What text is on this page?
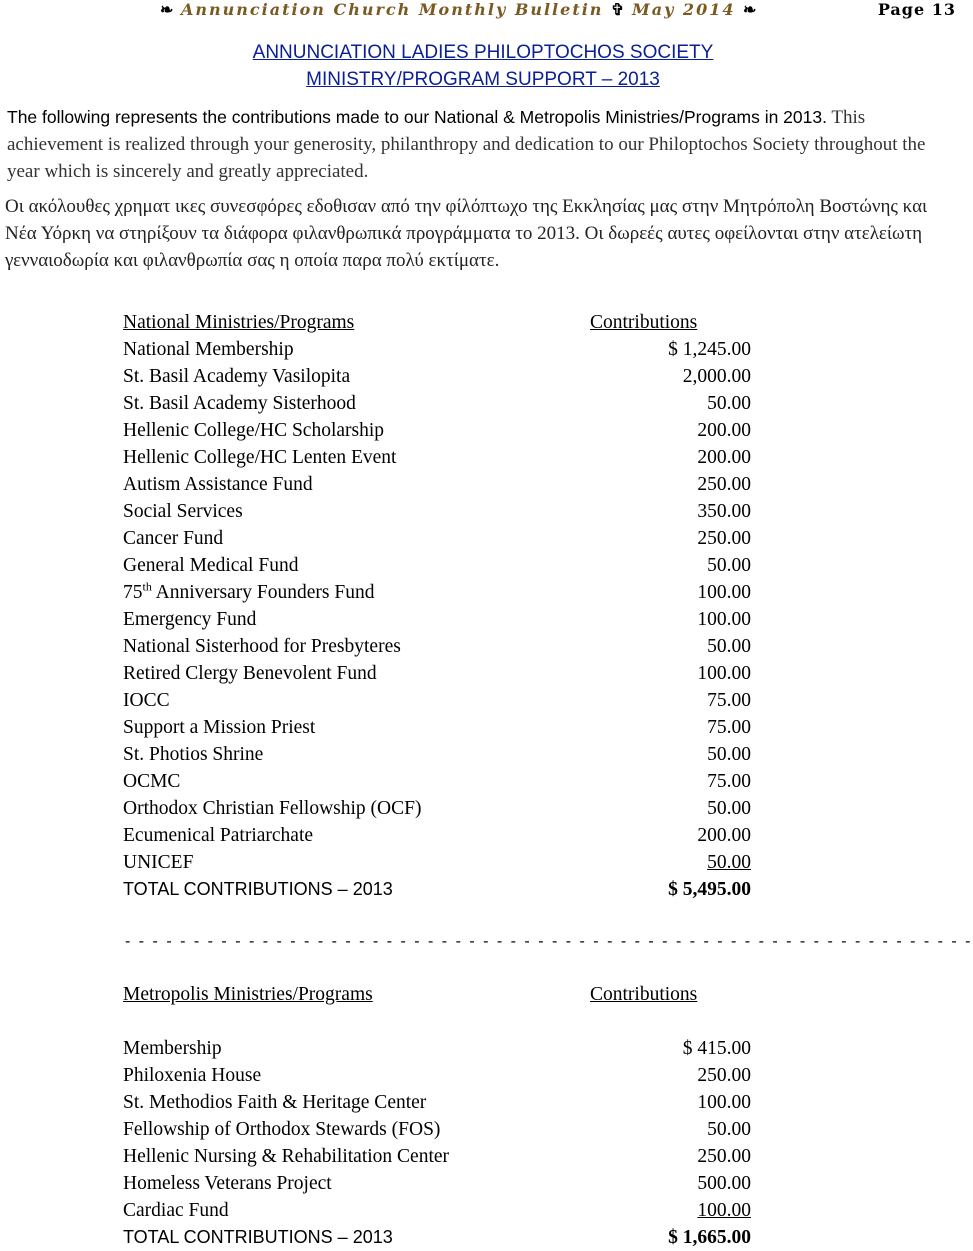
❧ Annunciation Church Monthly Bulletin ✞ May 2014 ❧	Page 13
ANNUNCIATION LADIES PHILOPTOCHOS SOCIETY
MINISTRY/PROGRAM SUPPORT – 2013
The following represents the contributions made to our National & Metropolis Ministries/Programs in 2013. This achievement is realized through your generosity, philanthropy and dedication to our Philoptochos Society throughout the year which is sincerely and greatly appreciated.
Οι ακόλουθες χρηματ ικες συνεσφόρες εδοθισαν από την φίλόπτωχο της Εκκλησίας μας στην Μητρόπολη Βοστώνης και Νέα Υόρκη να στηρίξουν τα διάφορα φιλανθρωπικά προγράμματα το 2013. Οι δωρεές αυτες οφείλονται στην ατελείωτη γενναιοδωρία και φιλανθρωπία σας η οποία παρα πολύ εκτίματε.
National Ministries/Programs	Contributions
National Membership	$ 1,245.00
St. Basil Academy Vasilopita	2,000.00
St. Basil Academy Sisterhood	50.00
Hellenic College/HC Scholarship	200.00
Hellenic College/HC Lenten Event	200.00
Autism Assistance Fund	250.00
Social Services	350.00
Cancer Fund	250.00
General Medical Fund	50.00
75th Anniversary Founders Fund	100.00
Emergency Fund	100.00
National Sisterhood for Presbyteres	50.00
Retired Clergy Benevolent Fund	100.00
IOCC	75.00
Support a Mission Priest	75.00
St. Photios Shrine	50.00
OCMC	75.00
Orthodox Christian Fellowship (OCF)	50.00
Ecumenical Patriarchate	200.00
UNICEF	50.00
TOTAL CONTRIBUTIONS – 2013	$ 5,495.00
- - - - - - - - - - - - - - - - - - - - - - - - - - - - - - - - - - - - - - - - - - - - - - - - - - - - - - - - - - - - - -
Metropolis Ministries/Programs	Contributions
Membership	$ 415.00
Philoxenia House	250.00
St. Methodios Faith & Heritage Center	100.00
Fellowship of Orthodox Stewards (FOS)	50.00
Hellenic Nursing & Rehabilitation Center	250.00
Homeless Veterans Project	500.00
Cardiac Fund	100.00
TOTAL CONTRIBUTIONS – 2013	$ 1,665.00
